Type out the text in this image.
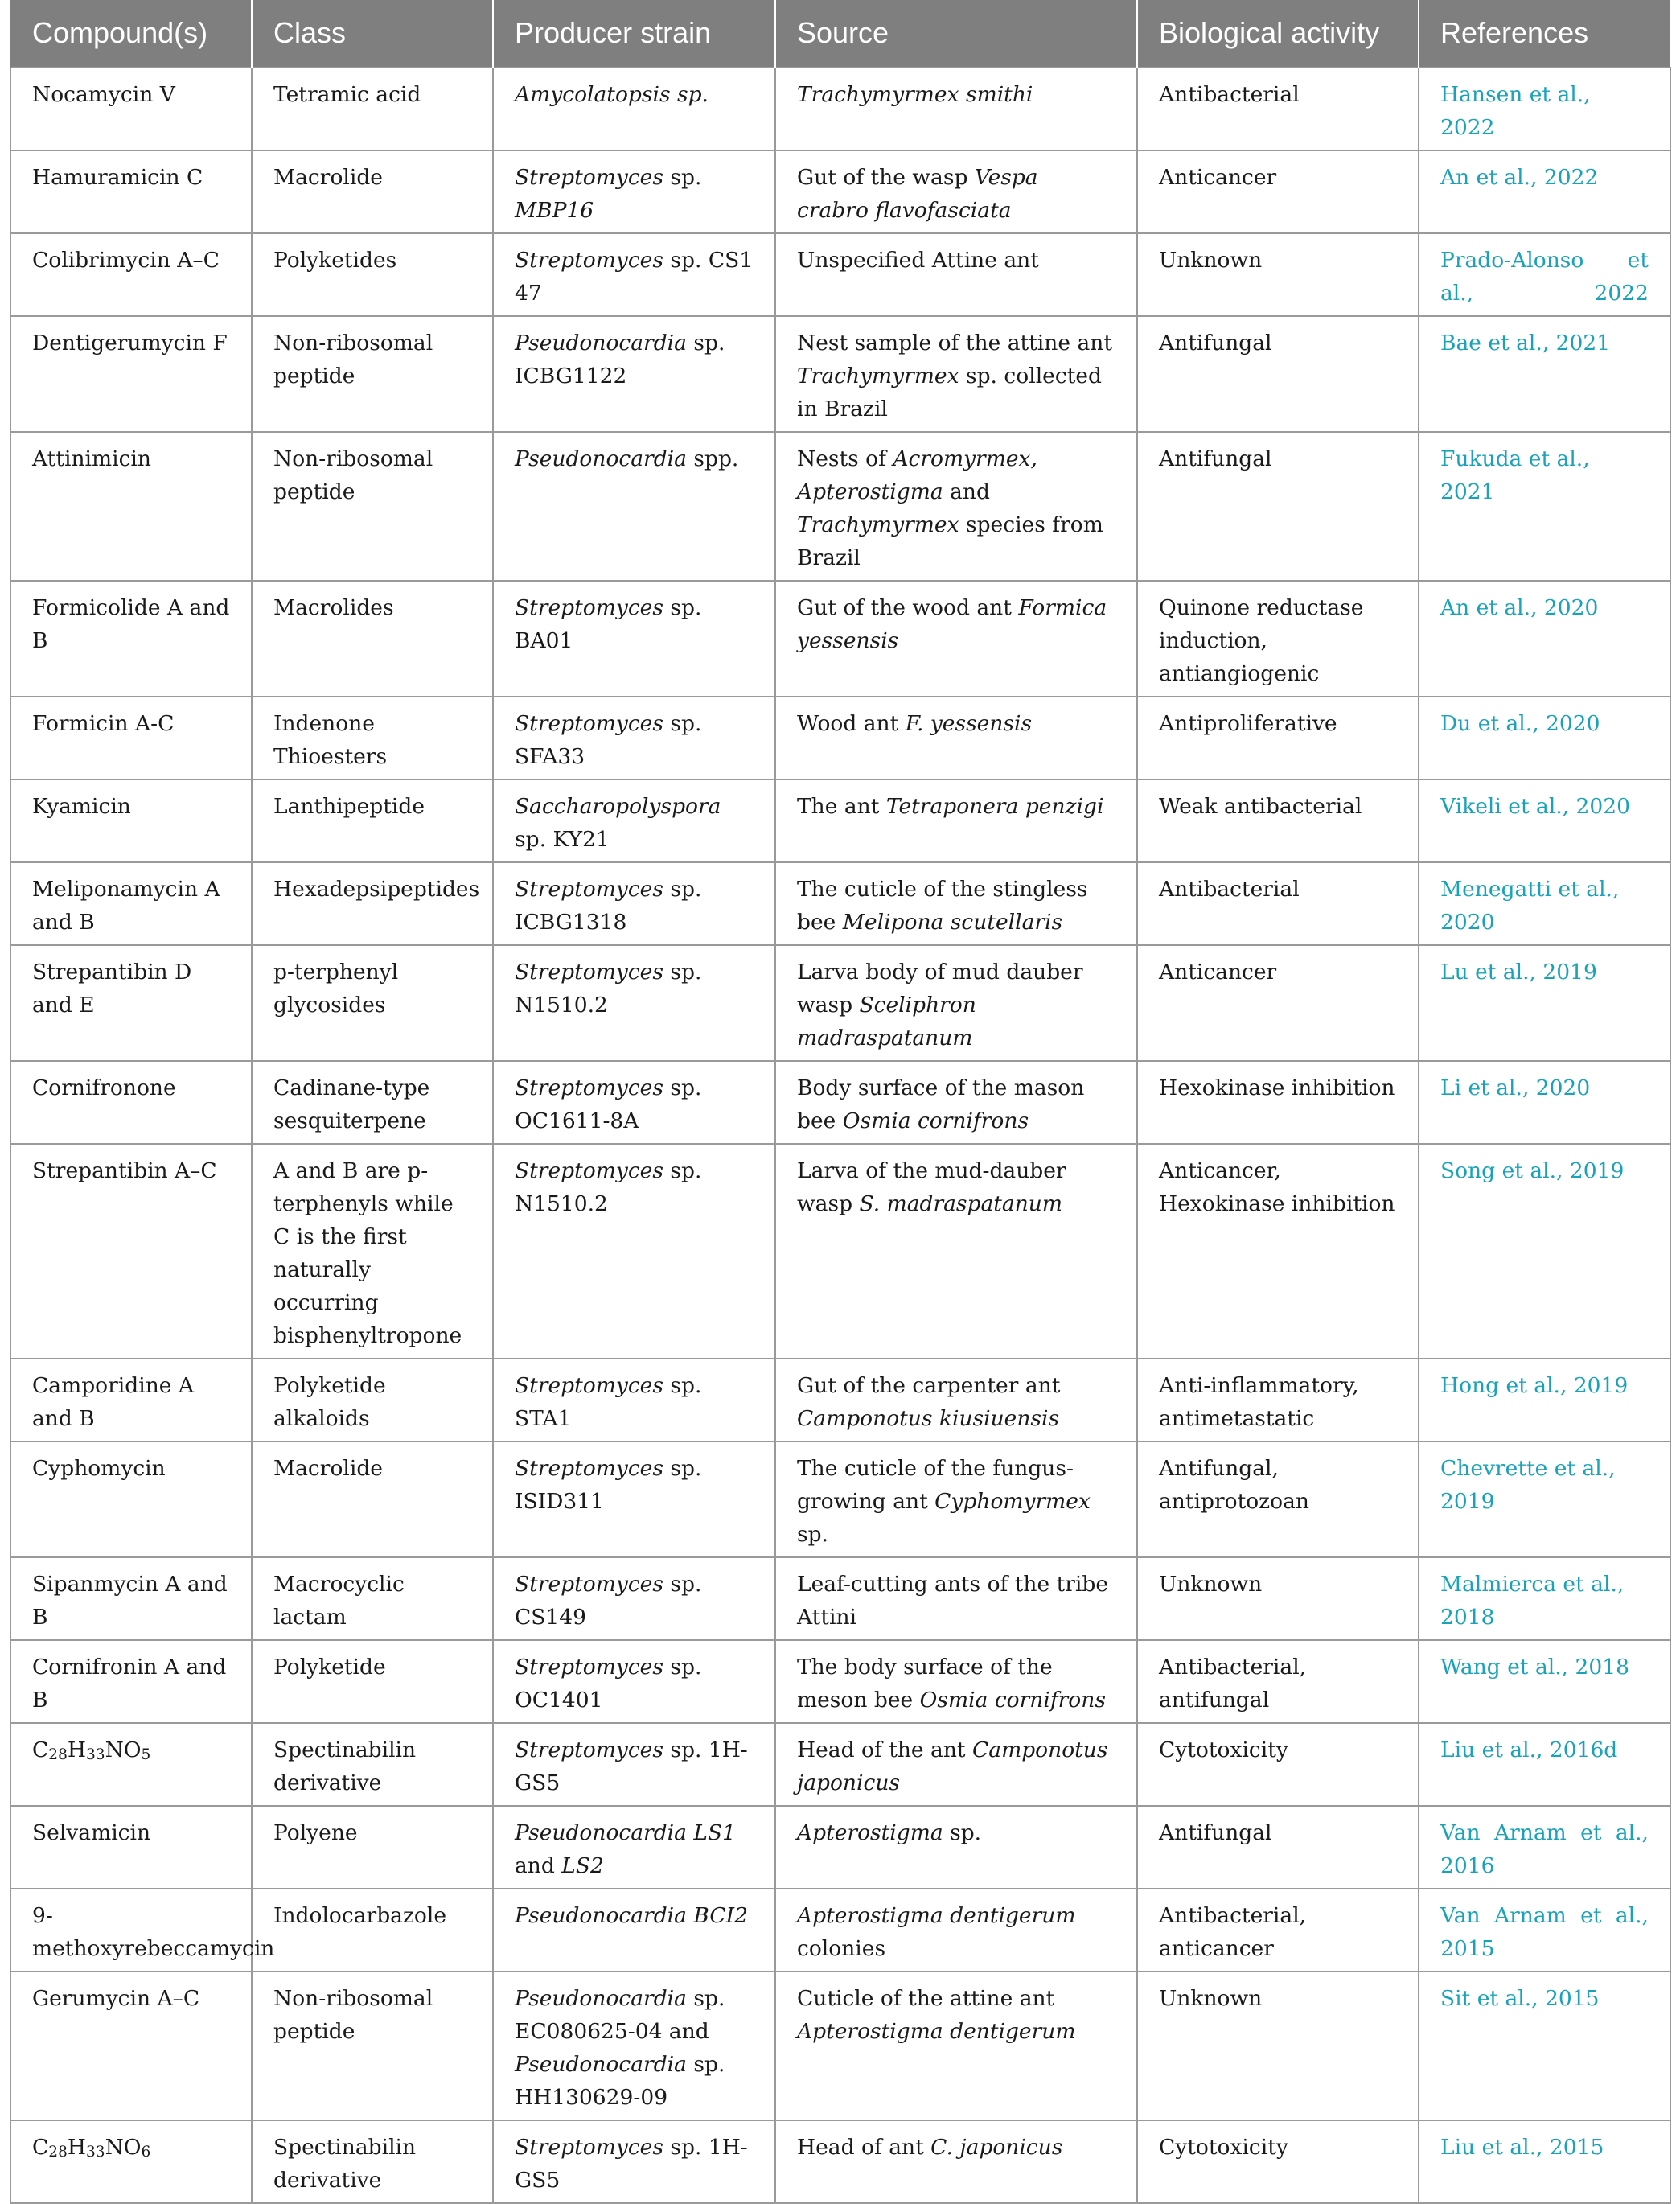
Compound(s)	Class	Producer strain	Source	Biological activity	References
Nocamycin V	Tetramic acid	Amycolatopsis sp.	Trachymyrmex smithi	Antibacterial	Hansen et al., 2022
Hamuramicin C	Macrolide	Streptomyces sp. MBP16	Gut of the wasp Vespa crabro flavofasciata	Anticancer	An et al., 2022
Colibrimycin A–C	Polyketides	Streptomyces sp. CS1 47	Unspecified Attine ant	Unknown	Prado-Alonso et al., 2022
Dentigerumycin F	Non-ribosomal peptide	Pseudonocardia sp. ICBG1122	Nest sample of the attine ant Trachymyrmex sp. collected in Brazil	Antifungal	Bae et al., 2021
Attinimicin	Non-ribosomal peptide	Pseudonocardia spp.	Nests of Acromyrmex, Apterostigma and Trachymyrmex species from Brazil	Antifungal	Fukuda et al., 2021
Formicolide A and B	Macrolides	Streptomyces sp. BA01	Gut of the wood ant Formica yessensis	Quinone reductase induction, antiangiogenic	An et al., 2020
Formicin A-C	Indenone Thioesters	Streptomyces sp. SFA33	Wood ant F. yessensis	Antiproliferative	Du et al., 2020
Kyamicin	Lanthipeptide	Saccharopolyspora sp. KY21	The ant Tetraponera penzigi	Weak antibacterial	Vikeli et al., 2020
Meliponamycin A and B	Hexadepsipeptides	Streptomyces sp. ICBG1318	The cuticle of the stingless bee Melipona scutellaris	Antibacterial	Menegatti et al., 2020
Strepantibin D and E	p-terphenyl glycosides	Streptomyces sp. N1510.2	Larva body of mud dauber wasp Sceliphron madraspatanum	Anticancer	Lu et al., 2019
Cornifronone	Cadinane-type sesquiterpene	Streptomyces sp. OC1611-8A	Body surface of the mason bee Osmia cornifrons	Hexokinase inhibition	Li et al., 2020
Strepantibin A–C	A and B are p-terphenyls while C is the first naturally occurring bisphenyltropone	Streptomyces sp. N1510.2	Larva of the mud-dauber wasp S. madraspatanum	Anticancer, Hexokinase inhibition	Song et al., 2019
Camporidine A and B	Polyketide alkaloids	Streptomyces sp. STA1	Gut of the carpenter ant Camponotus kiusiuensis	Anti-inflammatory, antimetastatic	Hong et al., 2019
Cyphomycin	Macrolide	Streptomyces sp. ISID311	The cuticle of the fungus-growing ant Cyphomyrmex sp.	Antifungal, antiprotozoan	Chevrette et al., 2019
Sipanmycin A and B	Macrocyclic lactam	Streptomyces sp. CS149	Leaf-cutting ants of the tribe Attini	Unknown	Malmierca et al., 2018
Cornifronin A and B	Polyketide	Streptomyces sp. OC1401	The body surface of the meson bee Osmia cornifrons	Antibacterial, antifungal	Wang et al., 2018
$C_{28}H_{33}NO_5$	Spectinabilin derivative	Streptomyces sp. 1H-GS5	Head of the ant Camponotus japonicus	Cytotoxicity	Liu et al., 2016d
Selvamicin	Polyene	Pseudonocardia LS1 and LS2	Apterostigma sp.	Antifungal	Van Arnam et al., 2016
9-methoxyrebeccamycin	Indolocarbazole	Pseudonocardia BCI2	Apterostigma dentigerum colonies	Antibacterial, anticancer	Van Arnam et al., 2015
Gerumycin A–C	Non-ribosomal peptide	Pseudonocardia sp. EC080625-04 and Pseudonocardia sp. HH130629-09	Cuticle of the attine ant Apterostigma dentigerum	Unknown	Sit et al., 2015
$C_{28}H_{33}NO_6$	Spectinabilin derivative	Streptomyces sp. 1H-GS5	Head of ant C. japonicus	Cytotoxicity	Liu et al., 2015
